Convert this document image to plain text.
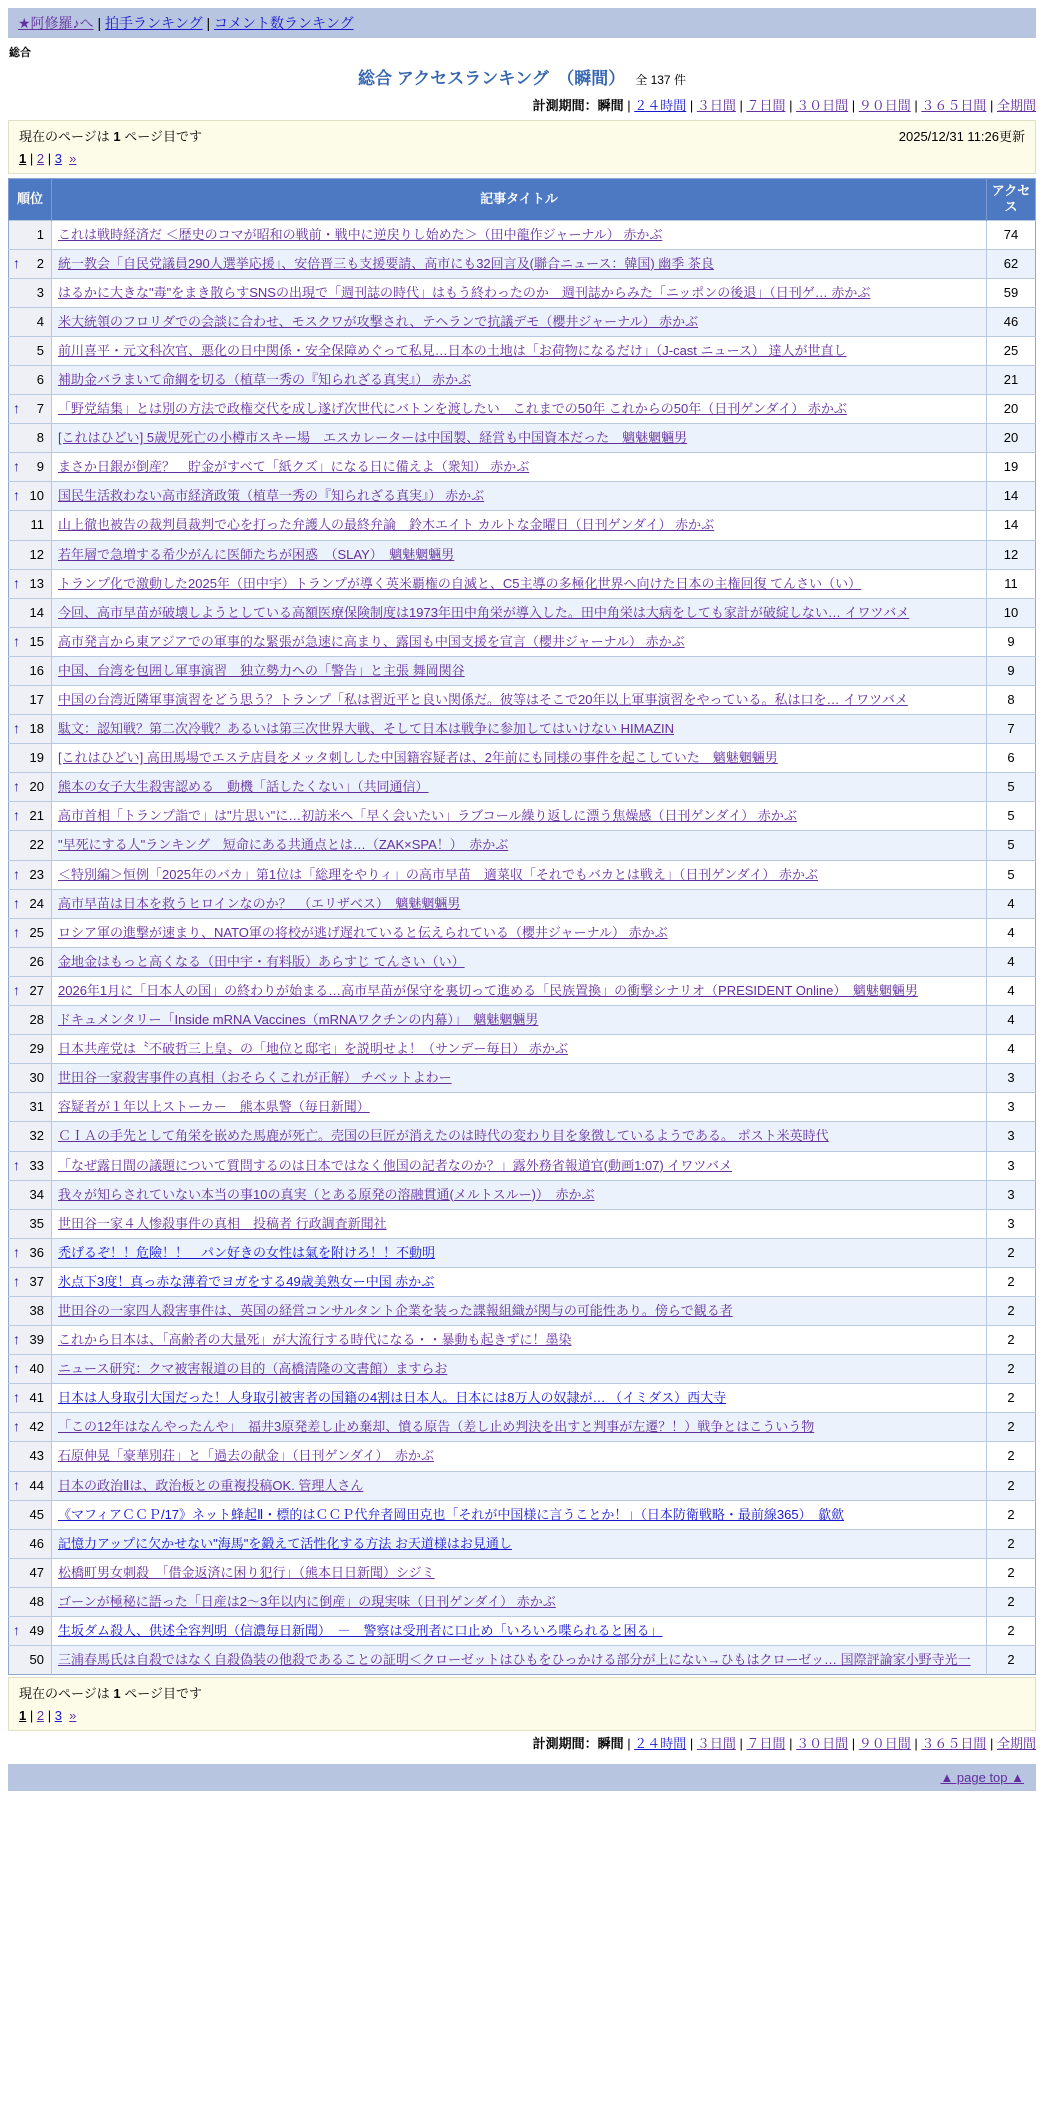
★阿修羅♪へ | 拍手ランキング | コメント数ランキング
総合
総合 アクセスランキング　（瞬間） 全 137 件
計測期間：瞬間 | ２４時間 | ３日間 | ７日間 | ３０日間 | ９０日間 | ３６５日間 | 全期間
現在のページは 1 ページ目です	2025/12/31 11:26更新
1 | 2 | 3 »
順位	記事タイトル	アクセス
1	これは戦時経済だ ＜歴史のコマが昭和の戦前・戦中に逆戻りし始めた＞（田中龍作ジャーナル） 赤かぶ	74

↑ 2	統一教会「自民党議員290人選挙応援」、安倍晋三も支援要請、高市にも32回言及(聯合ニュース：韓国) 幽季 茶良	62
3	はるかに大きな"毒"をまき散らすSNSの出現で「週刊誌の時代」はもう終わったのか　週刊誌からみた「ニッポンの後退」（日刊ゲ… 赤かぶ	59
4	米大統領のフロリダでの会談に合わせ、モスクワが攻撃され、テヘランで抗議デモ（櫻井ジャーナル） 赤かぶ	46
5	前川喜平・元文科次官、悪化の日中関係・安全保障めぐって私見…日本の土地は「お荷物になるだけ」（J-cast ニュース） 達人が世直し	25
6	補助金バラまいて命綱を切る（植草一秀の『知られざる真実』） 赤かぶ	21

↑ 7	「野党結集」とは別の方法で政権交代を成し遂げ次世代にバトンを渡したい　これまでの50年 これからの50年（日刊ゲンダイ） 赤かぶ	20
8	[これはひどい] 5歳児死亡の小樽市スキー場　エスカレーターは中国製、経営も中国資本だった　魑魅魍魎男	20

↑ 9	まさか日銀が倒産？　貯金がすべて「紙クズ」になる日に備えよ（衆知） 赤かぶ	19

↑ 10	国民生活救わない高市経済政策（植草一秀の『知られざる真実』） 赤かぶ	14
11	山上徹也被告の裁判員裁判で心を打った弁護人の最終弁論　鈴木エイト カルトな金曜日（日刊ゲンダイ） 赤かぶ	14
12	若年層で急増する希少がんに医師たちが困惑　（SLAY）　魑魅魍魎男	12

↑ 13	トランプ化で激動した2025年（田中宇）トランプが導く英米覇権の自滅と、C5主導の多極化世界へ向けた日本の主権回復 てんさい（い）	11
14	今回、高市早苗が破壊しようとしている高額医療保険制度は1973年田中角栄が導入した。田中角栄は大病をしても家計が破綻しない… イワツバメ	10

↑ 15	高市発言から東アジアでの軍事的な緊張が急速に高まり、露国も中国支援を宣言（櫻井ジャーナル） 赤かぶ	9
16	中国、台湾を包囲し軍事演習　独立勢力への「警告」と主張 舞岡関谷	9
17	中国の台湾近隣軍事演習をどう思う？トランプ「私は習近平と良い関係だ。彼等はそこで20年以上軍事演習をやっている。私は口を… イワツバメ	8

↑ 18	駄文：認知戦？第二次冷戦？あるいは第三次世界大戦、そして日本は戦争に参加してはいけない HIMAZIN	7
19	[これはひどい] 高田馬場でエステ店員をメッタ刺しした中国籍容疑者は、2年前にも同様の事件を起こしていた　魑魅魍魎男	6

↑ 20	熊本の女子大生殺害認める　動機「話したくない」（共同通信）	5

↑ 21	高市首相「トランプ詣で」は"片思い"に…初訪米へ「早く会いたい」ラブコール繰り返しに漂う焦燥感（日刊ゲンダイ） 赤かぶ	5
22	"早死にする人"ランキング　短命にある共通点とは…（ZAK×SPA！）　赤かぶ	5

↑ 23	＜特別編＞恒例「2025年のバカ」第1位は「総理をやりィ」の高市早苗　適菜収「それでもバカとは戦え」（日刊ゲンダイ） 赤かぶ	5

↑ 24	高市早苗は日本を救うヒロインなのか？　（エリザベス）　魑魅魍魎男	4

↑ 25	ロシア軍の進撃が速まり、NATO軍の将校が逃げ遅れていると伝えられている（櫻井ジャーナル） 赤かぶ	4
26	金地金はもっと高くなる（田中宇・有料版）あらすじ てんさい（い）	4

↑ 27	2026年1月に「日本人の国」の終わりが始まる…高市早苗が保守を裏切って進める「民族置換」の衝撃シナリオ（PRESIDENT Online）　魑魅魍魎男	4
28	ドキュメンタリー「Inside mRNA Vaccines（mRNAワクチンの内幕）」　魑魅魍魎男	4
29	日本共産党は〝不破哲三上皇〟の「地位と邸宅」を説明せよ！（サンデー毎日） 赤かぶ	4
30	世田谷一家殺害事件の真相（おそらくこれが正解） チベットよわー	3
31	容疑者が１年以上ストーカー　熊本県警（毎日新聞）	3
32	ＣＩＡの手先として角栄を嵌めた馬鹿が死亡。売国の巨匠が消えたのは時代の変わり目を象徴しているようである。 ポスト米英時代	3

↑ 33	「なぜ露日間の議題について質問するのは日本ではなく他国の記者なのか？」露外務省報道官(動画1:07) イワツバメ	3
34	我々が知らされていない本当の事10の真実（とある原発の溶融貫通(メルトスルー)）　赤かぶ	3
35	世田谷一家４人惨殺事件の真相　投稿者 行政調査新聞社	3

↑ 36	禿げるぞ！！危險！！　パン好きの女性は氣を附けろ！！不動明	2

↑ 37	氷点下3度！真っ赤な薄着でヨガをする49歳美熟女ー中国 赤かぶ	2
38	世田谷の一家四人殺害事件は、英国の経営コンサルタント企業を装った諜報組織が関与の可能性あり。傍らで観る者	2

↑ 39	これから日本は、「高齢者の大量死」が大流行する時代になる・・暴動も起きずに！墨染	2

↑ 40	ニュース研究：クマ被害報道の目的（高橋清隆の文書館）ますらお	2

↑ 41	日本は人身取引大国だった！人身取引被害者の国籍の4割は日本人。日本には8万人の奴隷が… （イミダス）西大寺	2

↑ 42	「この12年はなんやったんや」　福井3原発差し止め棄却、憤る原告（差し止め判決を出すと判事が左遷？！）戦争とはこういう物	2
43	石原伸晃「豪華別荘」と「過去の献金」（日刊ゲンダイ）　赤かぶ	2

↑ 44	日本の政治Ⅱは、政治板との重複投稿OK. 管理人さん	2
45	《マフィアＣＣＰ/17》ネット蜂起Ⅱ・標的はＣＣＰ代弁者岡田克也「それが中国様に言うことか！」（日本防衛戦略・最前線365）　歙歛	2
46	記憶力アップに欠かせない"海馬"を鍛えて活性化する方法 お天道様はお見通し	2
47	松橋町男女刺殺　「借金返済に困り犯行」（熊本日日新聞）シジミ	2
48	ゴーンが極秘に語った「日産は2～3年以内に倒産」の現実味（日刊ゲンダイ） 赤かぶ	2

↑ 49	生坂ダム殺人、供述全容判明（信濃毎日新聞）　－　警察は受刑者に口止め「いろいろ喋られると困る」	2
50	三浦春馬氏は自殺ではなく自殺偽装の他殺であることの証明＜クローゼットはひもをひっかける部分が上にない→ひもはクローゼッ… 国際評論家小野寺光一	2
現在のページは 1 ページ目です
1 | 2 | 3 »
計測期間：瞬間 | ２４時間 | ３日間 | ７日間 | ３０日間 | ９０日間 | ３６５日間 | 全期間
▲ page top ▲
